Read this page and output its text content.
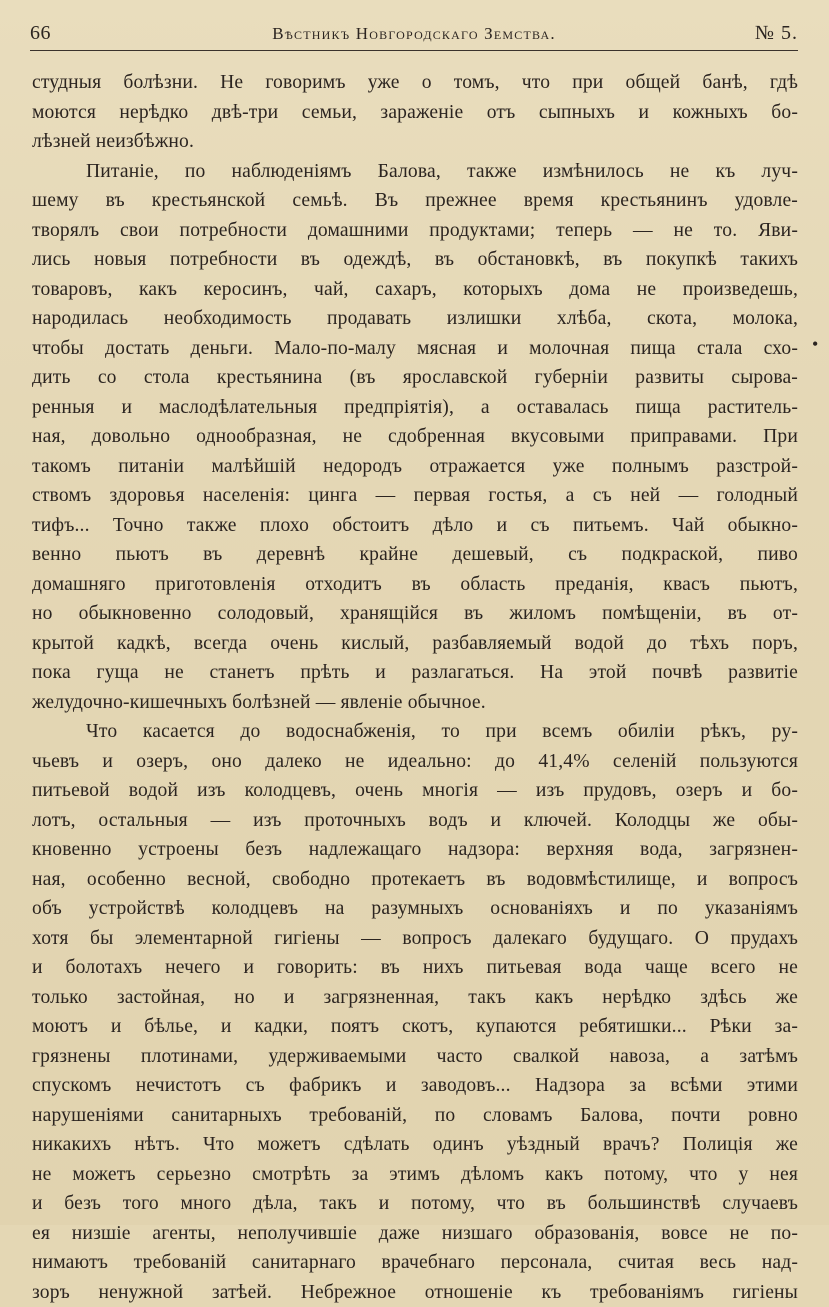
66	Вѣстникъ Новгородскаго Земства.	№ 5.
студныя болѣзни. Не говоримъ уже о томъ, что при общей банѣ, гдѣ
моются нерѣдко двѣ-три семьи, зараженіе отъ сыпныхъ и кожныхъ бо-
лѣзней неизбѣжно.
Питаніе, по наблюденіямъ Балова, также измѣнилось не къ луч-
шему въ крестьянской семьѣ. Въ прежнее время крестьянинъ удовле-
творялъ свои потребности домашними продуктами; теперь — не то. Яви-
лись новыя потребности въ одеждѣ, въ обстановкѣ, въ покупкѣ такихъ
товаровъ, какъ керосинъ, чай, сахаръ, которыхъ дома не произведешь,
народилась необходимость продавать излишки хлѣба, скота, молока,
чтобы достать деньги. Мало-по-малу мясная и молочная пища стала схо-
дить со стола крестьянина (въ ярославской губерніи развиты сырова-
ренныя и маслодѣлательныя предпріятія), а оставалась пища раститель-
ная, довольно однообразная, не сдобренная вкусовыми приправами. При
такомъ питаніи малѣйшій недородъ отражается уже полнымъ разстрой-
ствомъ здоровья населенія: цинга — первая гостья, а съ ней — голодный
тифъ... Точно также плохо обстоитъ дѣло и съ питьемъ. Чай обыкно-
венно пьютъ въ деревнѣ крайне дешевый, съ подкраской, пиво
домашняго приготовленія отходитъ въ область преданія, квасъ пьютъ,
но обыкновенно солодовый, хранящійся въ жиломъ помѣщеніи, въ от-
крытой кадкѣ, всегда очень кислый, разбавляемый водой до тѣхъ поръ,
пока гуща не станетъ прѣть и разлагаться. На этой почвѣ развитіе
желудочно-кишечныхъ болѣзней — явленіе обычное.
Что касается до водоснабженія, то при всемъ обиліи рѣкъ, ру-
чьевъ и озеръ, оно далеко не идеально: до 41,4% селеній пользуются
питьевой водой изъ колодцевъ, очень многія — изъ прудовъ, озеръ и бо-
лотъ, остальныя — изъ проточныхъ водъ и ключей. Колодцы же обы-
кновенно устроены безъ надлежащаго надзора: верхняя вода, загрязнен-
ная, особенно весной, свободно протекаетъ въ водовмѣстилище, и вопросъ
объ устройствѣ колодцевъ на разумныхъ основаніяхъ и по указаніямъ
хотя бы элементарной гигіены — вопросъ далекаго будущаго. О прудахъ
и болотахъ нечего и говорить: въ нихъ питьевая вода чаще всего не
только застойная, но и загрязненная, такъ какъ нерѣдко здѣсь же
моютъ и бѣлье, и кадки, поятъ скотъ, купаются ребятишки... Рѣки за-
грязнены плотинами, удерживаемыми часто свалкой навоза, а затѣмъ
спускомъ нечистотъ съ фабрикъ и заводовъ... Надзора за всѣми этими
нарушеніями санитарныхъ требованій, по словамъ Балова, почти ровно
никакихъ нѣтъ. Что можетъ сдѣлать одинъ уѣздный врачъ? Полиція же
не можетъ серьезно смотрѣть за этимъ дѣломъ какъ потому, что у нея
и безъ того много дѣла, такъ и потому, что въ большинствѣ случаевъ
ея низшіе агенты, неполучившіе даже низшаго образованія, вовсе не по-
нимаютъ требованій санитарнаго врачебнаго персонала, считая весь над-
зоръ ненужной затѣей. Небрежное отношеніе къ требованіямъ гигіены
•
